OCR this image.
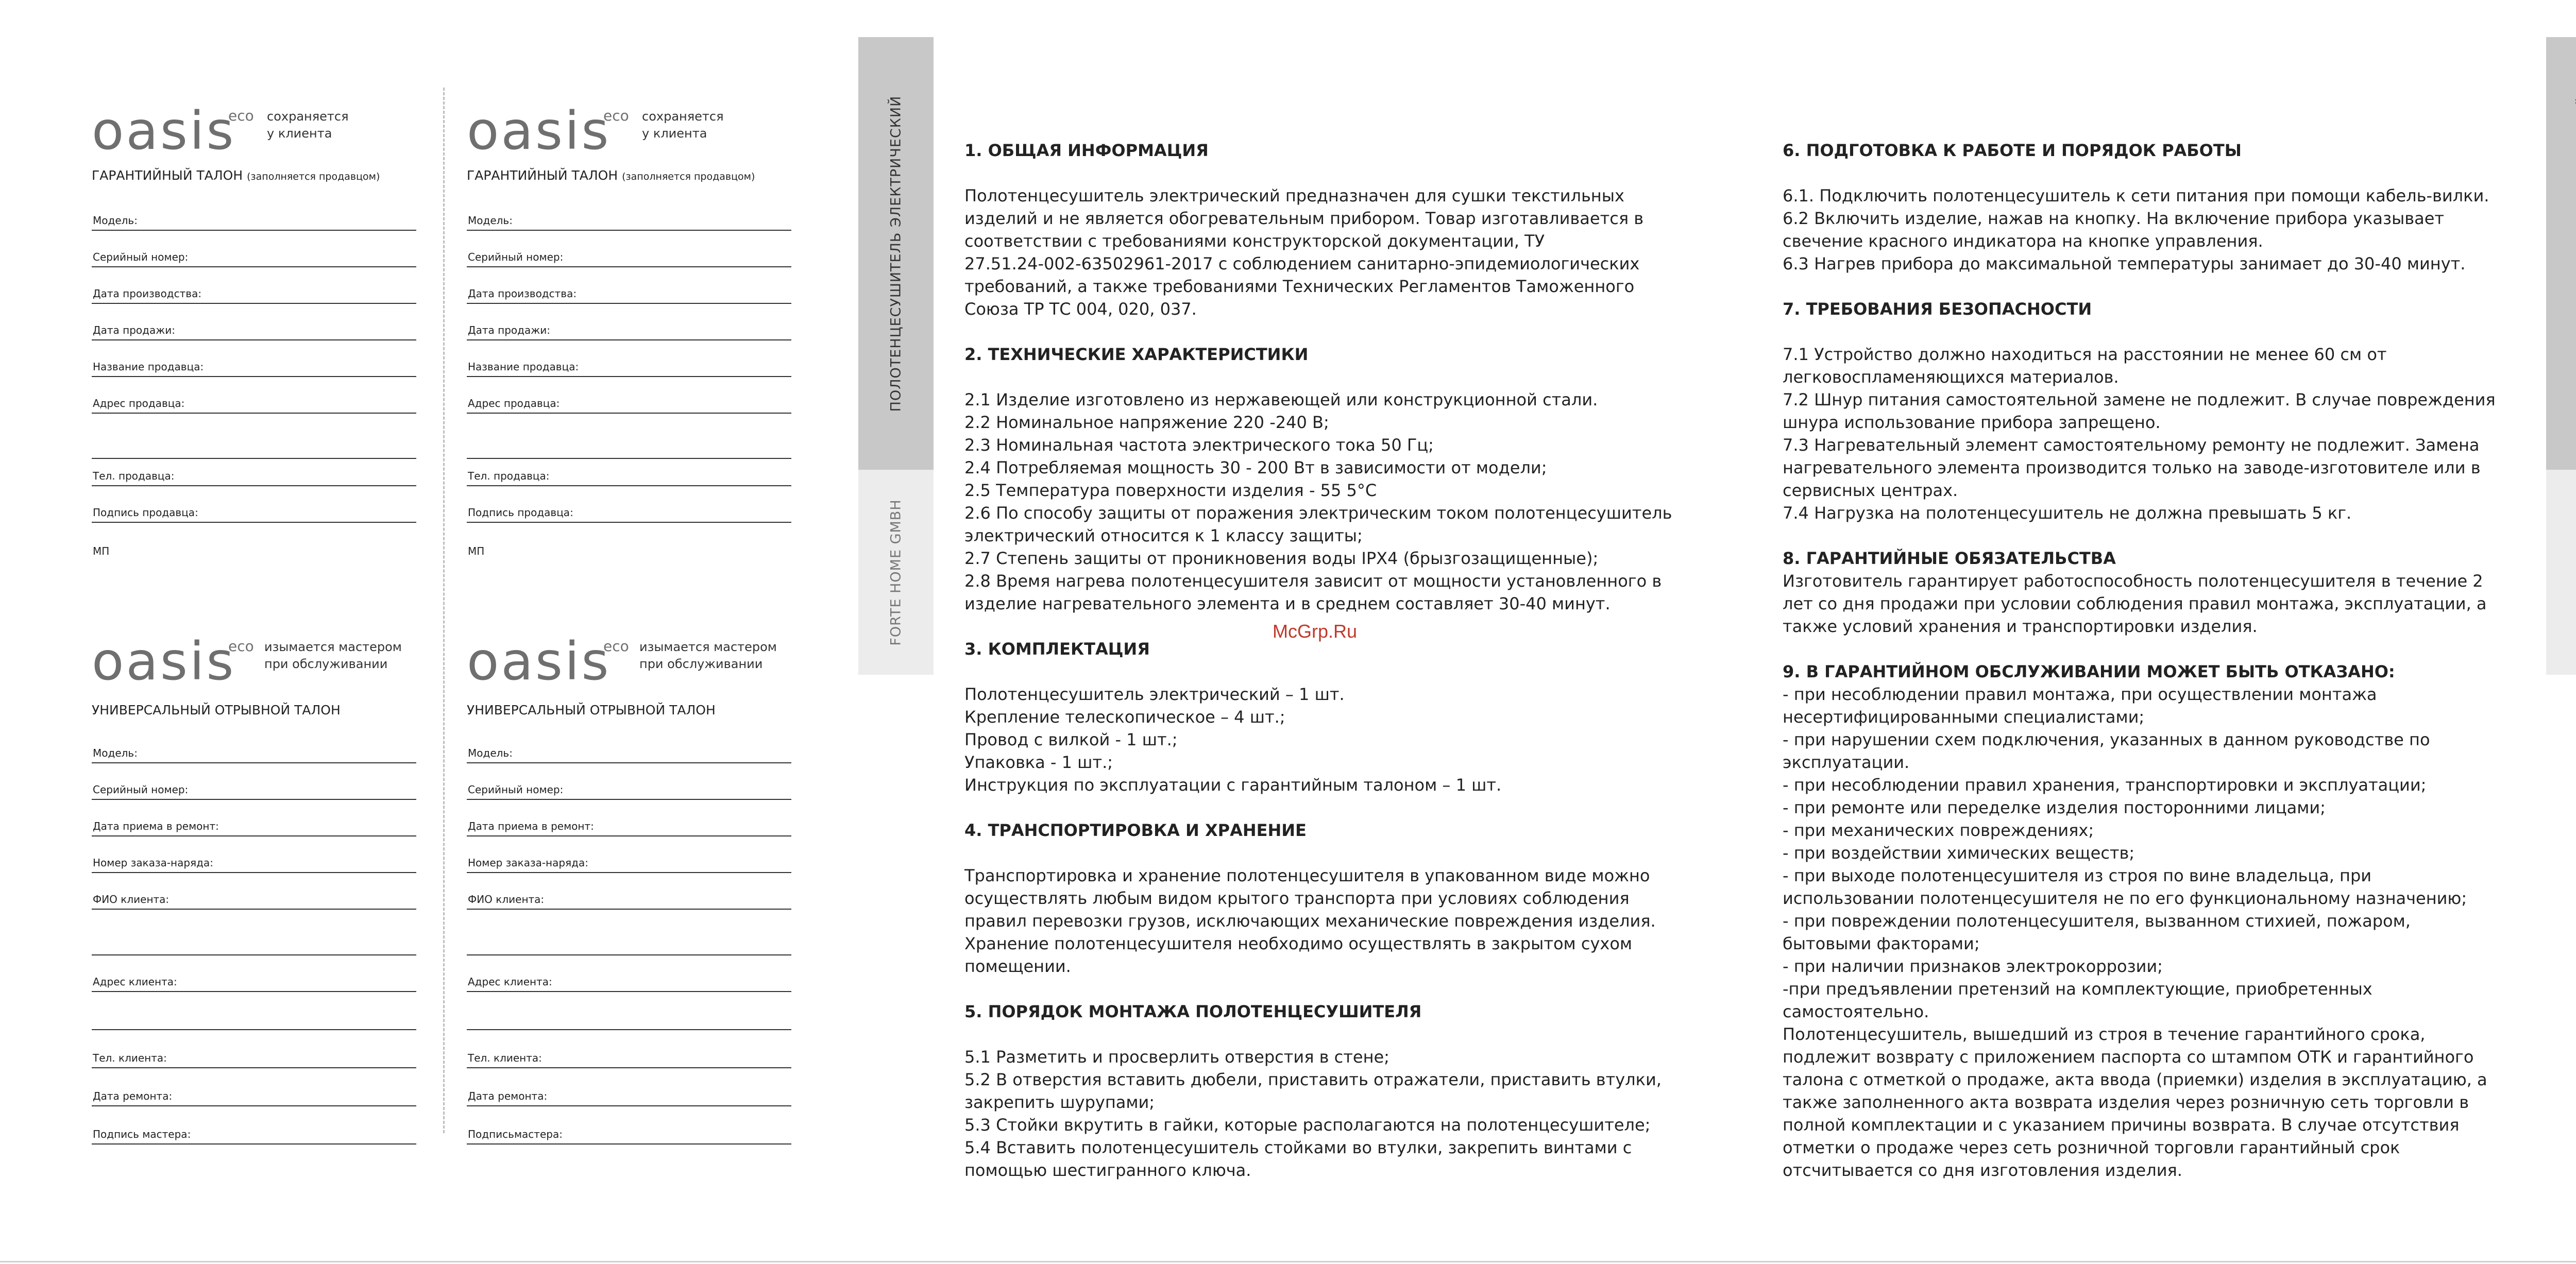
oasis
eco сохраняется
у клиента
ГАРАНТИЙНЫЙ ТАЛОН (заполняется продавцом)
Модель:
Серийный номер:
Дата производства:
Дата продажи:
Название продавца:
Адрес продавца:
Тел. продавца:
Подпись продавца:
МП
oasis
eco сохраняется
у клиента
ГАРАНТИЙНЫЙ ТАЛОН (заполняется продавцом)
Модель:
Серийный номер:
Дата производства:
Дата продажи:
Название продавца:
Адрес продавца:
Тел. продавца:
Подпись продавца:
МП
oasis
eco изымается мастером
при обслуживании
УНИВЕРСАЛЬНЫЙ ОТРЫВНОЙ ТАЛОН
Модель:
Серийный номер:
Дата приема в ремонт:
Номер заказа-наряда:
ФИО клиента:
Адрес клиента:
Тел. клиента:
Дата ремонта:
Подпись мастера:
oasis
eco изымается мастером
при обслуживании
УНИВЕРСАЛЬНЫЙ ОТРЫВНОЙ ТАЛОН
Модель:
Серийный номер:
Дата приема в ремонт:
Номер заказа-наряда:
ФИО клиента:
Адрес клиента:
Тел. клиента:
Дата ремонта:
Подписьмастера:
ПОЛОТЕНЦЕСУШИТЕЛЬ ЭЛЕКТРИЧЕСКИЙ
FORTE HOME GMBH
1. ОБЩАЯ ИНФОРМАЦИЯ

Полотенцесушитель электрический предназначен для сушки текстильных

изделий и не является обогревательным прибором. Товар изготавливается в

соответствии с требованиями конструкторской документации, ТУ

27.51.24-002-63502961-2017 с соблюдением санитарно-эпидемиологических

требований, а также требованиями Технических Регламентов Таможенного

Союза ТР ТС 004, 020, 037.

2. ТЕХНИЧЕСКИЕ ХАРАКТЕРИСТИКИ

2.1 Изделие изготовлено из нержавеющей или конструкционной стали.

2.2 Номинальное напряжение 220 -240 В;

2.3 Номинальная частота электрического тока 50 Гц;

2.4 Потребляемая мощность 30 - 200 Вт в зависимости от модели;

2.5 Температура поверхности изделия - 55 5°С

2.6 По способу защиты от поражения электрическим током полотенцесушитель

электрический относится к 1 классу защиты;

2.7 Степень защиты от проникновения воды IPX4 (брызгозащищенные);

2.8 Время нагрева полотенцесушителя зависит от мощности установленного в

изделие нагревательного элемента и в среднем составляет 30-40 минут.

3. КОМПЛЕКТАЦИЯ

Полотенцесушитель электрический – 1 шт.

Крепление телескопическое – 4 шт.;

Провод с вилкой - 1 шт.;

Упаковка - 1 шт.;

Инструкция по эксплуатации с гарантийным талоном – 1 шт.

4. ТРАНСПОРТИРОВКА И ХРАНЕНИЕ

Транспортировка и хранение полотенцесушителя в упакованном виде можно

осуществлять любым видом крытого транспорта при условиях соблюдения

правил перевозки грузов, исключающих механические повреждения изделия.

Хранение полотенцесушителя необходимо осуществлять в закрытом сухом

помещении.

5. ПОРЯДОК МОНТАЖА ПОЛОТЕНЦЕСУШИТЕЛЯ

5.1 Разметить и просверлить отверстия в стене;

5.2 В отверстия вставить дюбели, приставить отражатели, приставить втулки,

закрепить шурупами;

5.3 Стойки вкрутить в гайки, которые располагаются на полотенцесушителе;

5.4 Вставить полотенцесушитель стойками во втулки, закрепить винтами с

помощью шестигранного ключа.

6. ПОДГОТОВКА К РАБОТЕ И ПОРЯДОК РАБОТЫ

6.1. Подключить полотенцесушитель к сети питания при помощи кабель-вилки.

6.2 Включить изделие, нажав на кнопку. На включение прибора указывает

свечение красного индикатора на кнопке управления.

6.3 Нагрев прибора до максимальной температуры занимает до 30-40 минут.

7. ТРЕБОВАНИЯ БЕЗОПАСНОСТИ

7.1 Устройство должно находиться на расстоянии не менее 60 см от

легковоспламеняющихся материалов.

7.2 Шнур питания самостоятельной замене не подлежит. В случае повреждения

шнура использование прибора запрещено.

7.3 Нагревательный элемент самостоятельному ремонту не подлежит. Замена

нагревательного элемента производится только на заводе-изготовителе или в

сервисных центрах.

7.4 Нагрузка на полотенцесушитель не должна превышать 5 кг.

8. ГАРАНТИЙНЫЕ ОБЯЗАТЕЛЬСТВА

Изготовитель гарантирует работоспособность полотенцесушителя в течение 2

лет со дня продажи при условии соблюдения правил монтажа, эксплуатации, а

также условий хранения и транспортировки изделия.

9. В ГАРАНТИЙНОМ ОБСЛУЖИВАНИИ МОЖЕТ БЫТЬ ОТКАЗАНО:

- при несоблюдении правил монтажа, при осуществлении монтажа

несертифицированными специалистами;

- при нарушении схем подключения, указанных в данном руководстве по

эксплуатации.

- при несоблюдении правил хранения, транспортировки и эксплуатации;

- при ремонте или переделке изделия посторонними лицами;

- при механических повреждениях;

- при воздействии химических веществ;

- при выходе полотенцесушителя из строя по вине владельца, при

использовании полотенцесушителя не по его функциональному назначению;

- при повреждении полотенцесушителя, вызванном стихией, пожаром,

бытовыми факторами;

- при наличии признаков электрокоррозии;

-при предъявлении претензий на комплектующие, приобретенных

самостоятельно.

Полотенцесушитель, вышедший из строя в течение гарантийного срока,

подлежит возврату с приложением паспорта со штампом ОТК и гарантийного

талона с отметкой о продаже, акта ввода (приемки) изделия в эксплуатацию, а

также заполненного акта возврата изделия через розничную сеть торговли в

полной комплектации и с указанием причины возврата. В случае отсутствия

отметки о продаже через сеть розничной торговли гарантийный срок

отсчитывается со дня изготовления изделия.

McGrp.Ru
